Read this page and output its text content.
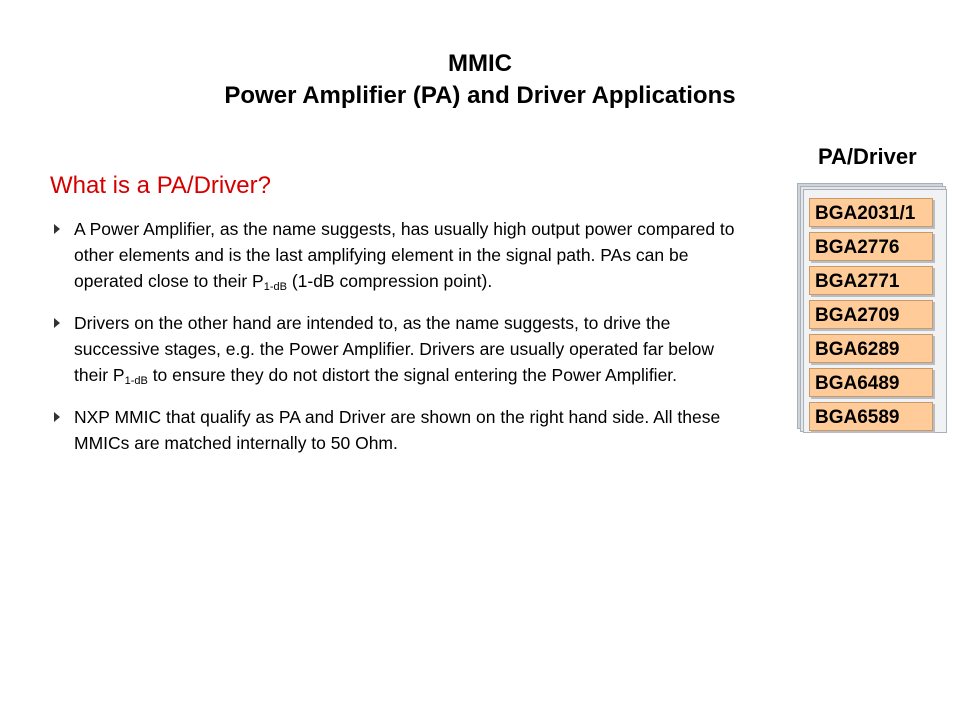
MMIC
Power Amplifier (PA) and Driver Applications
What is a PA/Driver?
A Power Amplifier, as the name suggests, has usually high output power compared to other elements and is the last amplifying element in the signal path. PAs can be operated close to their $P_{1-dB}$ (1-dB compression point).
Drivers on the other hand are intended to, as the name suggests, to drive the successive stages, e.g. the Power Amplifier. Drivers are usually operated far below their $P_{1-dB}$ to ensure they do not distort the signal entering the Power Amplifier.
NXP MMIC that qualify as PA and Driver are shown on the right hand side. All these MMICs are matched internally to 50 Ohm.
PA/Driver
BGA2031/1
BGA2776
BGA2771
BGA2709
BGA6289
BGA6489
BGA6589
